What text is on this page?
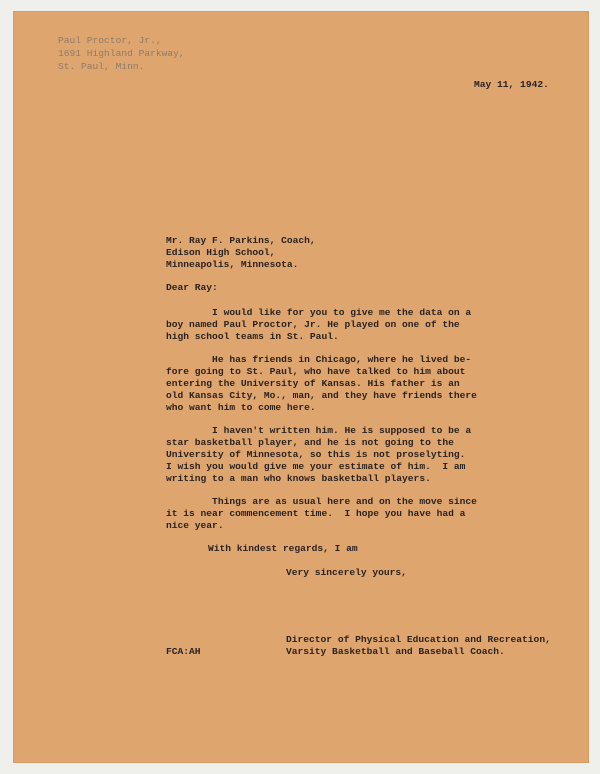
Paul Proctor, Jr.,
1691 Highland Parkway,
St. Paul, Minn.
May 11, 1942.
Mr. Ray F. Parkins, Coach,
Edison High School,
Minneapolis, Minnesota.
Dear Ray:
I would like for you to give me the data on a
boy named Paul Proctor, Jr. He played on one of the
high school teams in St. Paul.
He has friends in Chicago, where he lived be-
fore going to St. Paul, who have talked to him about
entering the University of Kansas. His father is an
old Kansas City, Mo., man, and they have friends there
who want him to come here.
I haven't written him. He is supposed to be a
star basketball player, and he is not going to the
University of Minnesota, so this is not proselyting.
I wish you would give me your estimate of him.  I am
writing to a man who knows basketball players.
Things are as usual here and on the move since
it is near commencement time.  I hope you have had a
nice year.
With kindest regards, I am
Very sincerely yours,
Director of Physical Education and Recreation,
Varsity Basketball and Baseball Coach.
FCA:AH
